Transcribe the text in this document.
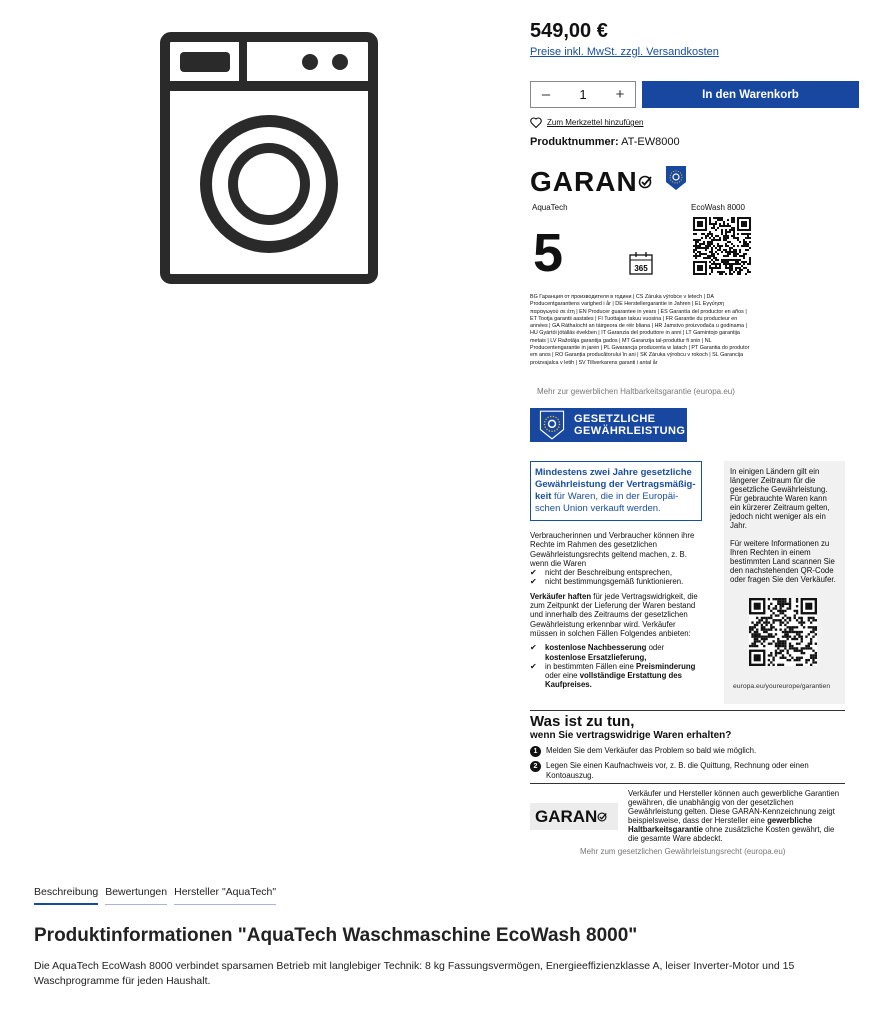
549,00 €
Preise inkl. MwSt. zzgl. Versandkosten
– 1 +	In den Warenkorb
Zum Merkzettel hinzufügen
Produktnummer: AT-EW8000
GARAN
AquaTech	EcoWash 8000
5	365
BG Гаранция от производителя в години | CS Záruka výrobce v letech | DA Producentgarantiens varighed i år | DE Herstellergarantie in Jahren | EL Εγγύηση παραγωγού σε έτη | EN Producer guarantee in years | ES Garantía del productor en años | ET Tootja garantii aastates | FI Tuottajan takuu vuosina | FR Garantie du producteur en années | GA Ráthaíocht an táirgeora de réir bliana | HR Jamstvo proizvođača u godinama | HU Gyártói jótállás években | IT Garanzia del produttore in anni | LT Gamintojo garantija metais | LV Ražotāja garantija gados | MT Garanzija tal-produttur fi snin | NL Producentengarantie in jaren | PL Gwarancja producenta w latach | PT Garantia do produtor em anos | RO Garanția producătorului în ani | SK Záruka výrobcu v rokoch | SL Garancija proizvajalca v letih | SV Tillverkarens garanti i antal år
Mehr zur gewerblichen Haltbarkeitsgarantie (europa.eu)
GESETZLICHE
GEWÄHRLEISTUNG
Mindestens zwei Jahre gesetzliche Gewährleistung der Vertragsmäßigkeit für Waren, die in der Europäischen Union verkauft werden.

In einigen Ländern gilt ein längerer Zeitraum für die gesetzliche Gewährleistung. Für gebrauchte Waren kann ein kürzerer Zeitraum gelten, jedoch nicht weniger als ein Jahr.

Für weitere Informationen zu Ihren Rechten in einem bestimmten Land scannen Sie den nachstehenden QR-Code oder fragen Sie den Verkäufer.

europa.eu/youreurope/garantien
Verbraucherinnen und Verbraucher können ihre Rechte im Rahmen des gesetzlichen Gewährleistungsrechts geltend machen, z. B. wenn die Waren
✔	nicht der Beschreibung entsprechen,
✔	nicht bestimmungsgemäß funktionieren.
Verkäufer haften für jede Vertragswidrigkeit, die zum Zeitpunkt der Lieferung der Waren bestand und innerhalb des Zeitraums der gesetzlichen Gewährleistung erkennbar wird. Verkäufer müssen in solchen Fällen Folgendes anbieten:
✔	kostenlose Nachbesserung oder kostenlose Ersatzlieferung,
✔	in bestimmten Fällen eine Preisminderung oder eine vollständige Erstattung des Kaufpreises.
Was ist zu tun,
wenn Sie vertragswidrige Waren erhalten?
1	Melden Sie dem Verkäufer das Problem so bald wie möglich.
2	Legen Sie einen Kaufnachweis vor, z. B. die Quittung, Rechnung oder einen Kontoauszug.
GARAN
Verkäufer und Hersteller können auch gewerbliche Garantien gewähren, die unabhängig von der gesetzlichen Gewährleistung gelten. Diese GARAN-Kennzeichnung zeigt beispielsweise, dass der Hersteller eine gewerbliche Haltbarkeitsgarantie ohne zusätzliche Kosten gewährt, die die gesamte Ware abdeckt.
Mehr zum gesetzlichen Gewährleistungsrecht (europa.eu)
Beschreibung Bewertungen Hersteller "AquaTech"
Produktinformationen "AquaTech Waschmaschine EcoWash 8000"
Die AquaTech EcoWash 8000 verbindet sparsamen Betrieb mit langlebiger Technik: 8 kg Fassungsvermögen, Energieeffizienzklasse A, leiser Inverter-Motor und 15 Waschprogramme für jeden Haushalt.
